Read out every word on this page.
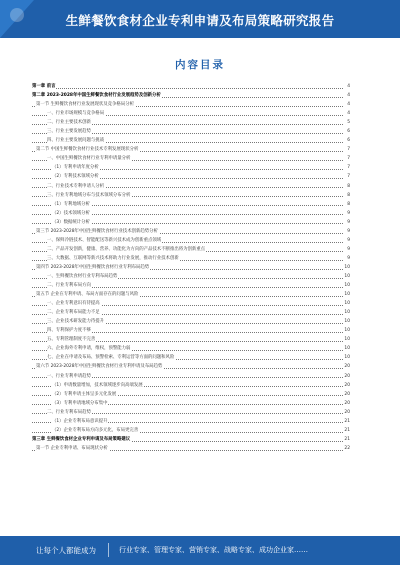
生鲜餐饮食材企业专利申请及布局策略研究报告
内容目录
第一章 前言	4
第二章 2023-2028年中国生鲜餐饮食材行业发展趋势及创新分析	4
第一节 生鲜餐饮食材行业发展现状及竞争格局分析	4
一、行业市场规模与竞争格局	4
二、行业主要技术创新	5
三、行业主要发展趋势	6
四、行业主要发展问题与挑战	6
第二节 中国生鲜餐饮食材行业技术专利发展现状分析	7
一、中国生鲜餐饮食材行业专利申请量分析	7
（1）专利申请年度分析	7
（2）专利技术领域分析	7
二、行业技术专利申请人分析	8
三、行业专利地域分布与技术领域分布分析	8
（1）专利地域分析	8
（2）技术领域分析	9
（3）数据统计分析	9
第三节 2023-2028年中国生鲜餐饮食材行业技术创新趋势分析	9
一、保鲜冷链技术、智能配送等新兴技术成为创新重点领域	9
二、产品开发创新，健康、营养、功能化为方向的产品技术不断推出将为创新重点	9
三、大数据、互联网等新兴技术将助力行业发展，推动行业技术创新	9
第四节 2023-2028年中国生鲜餐饮食材行业专利布局趋势	10
一、生鲜餐饮食材行业专利布局趋势	10
二、行业专利布局方向	10
第五节 企业在专利申请、布局方面存在的问题与风险	10
一、企业专利意识有待提高	10
二、企业专利布局能力不足	10
三、企业技术研发能力待提升	10
四、专利保护力度不够	10
五、专利管理制度不完善	10
六、企业海外专利申请，维权，预警能力弱	10
七、企业在申请及布局、预警检索、专利运营等方面的问题和风险	10
第六节 2023-2028年中国生鲜餐饮食材行业专利申请及布局趋势	20
一、行业专利申请趋势	20
（1）申请数量增加，技术领域逐步向高端发展	20
（2）专利申请主体呈多元化发展	20
（3）专利申请地域分布集中	20
二、行业专利布局趋势	20
（1）企业专利布局意识提升	21
（2）企业专利布局方向多元化，布局更完善	21
第三章 生鲜餐饮食材企业专利申请及布局策略建议	21
第一节 企业专利申请、布局现状分析	22
让每个人都能成为	行业专家、管理专家、营销专家、战略专家、成功企业家……
